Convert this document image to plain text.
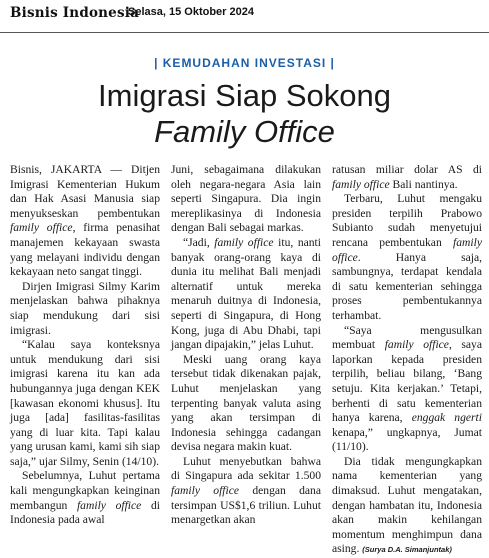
Bisnis Indonesia
Selasa, 15 Oktober 2024
| KEMUDAHAN INVESTASI |
Imigrasi Siap Sokong
Family Office

Bisnis, JAKARTA — Ditjen Imigrasi Kementerian Hukum dan Hak Asasi Manusia siap menyukseskan pembentukan family office, firma penasihat manajemen kekayaan swasta yang melayani individu dengan kekayaan neto sangat tinggi.

Dirjen Imigrasi Silmy Karim menjelaskan bahwa pihaknya siap mendukung dari sisi imigrasi.

“Kalau saya konteksnya untuk mendukung dari sisi imigrasi karena itu kan ada hubungannya juga dengan KEK [kawasan ekonomi khusus]. Itu juga [ada] fasilitas-fasilitas yang di luar kita. Tapi kalau yang urusan kami, kami sih siap saja,” ujar Silmy, Senin (14/10).

Sebelumnya, Luhut pertama kali mengungkapkan keinginan membangun family office di Indonesia pada awal

Juni, sebagaimana dilakukan oleh negara-negara Asia lain seperti Singapura. Dia ingin mereplikasinya di Indonesia dengan Bali sebagai markas.

“Jadi, family office itu, nanti banyak orang-orang kaya di dunia itu melihat Bali menjadi alternatif untuk mereka menaruh duitnya di Indonesia, seperti di Singapura, di Hong Kong, juga di Abu Dhabi, tapi jangan dipajakin,” jelas Luhut.

Meski uang orang kaya tersebut tidak dikenakan pajak, Luhut menjelaskan yang terpenting banyak valuta asing yang akan tersimpan di Indonesia sehingga cadangan devisa negara makin kuat.

Luhut menyebutkan bahwa di Singapura ada sekitar 1.500 family office dengan dana tersimpan US$1,6 triliun. Luhut menargetkan akan

ratusan miliar dolar AS di family office Bali nantinya.

Terbaru, Luhut mengaku presiden terpilih Prabowo Subianto sudah menyetujui rencana pembentukan family office. Hanya saja, sambungnya, terdapat kendala di satu kementerian sehingga proses pembentukannya terhambat.

“Saya mengusulkan membuat family office, saya laporkan kepada presiden terpilih, beliau bilang, ‘Bang setuju. Kita kerjakan.’ Tetapi, berhenti di satu kementerian hanya karena, enggak ngerti kenapa,” ungkapnya, Jumat (11/10).

Dia tidak mengungkapkan nama kementerian yang dimaksud. Luhut mengatakan, dengan hambatan itu, Indonesia akan makin kehilangan momentum menghimpun dana asing. (Surya D.A. Simanjuntak)
